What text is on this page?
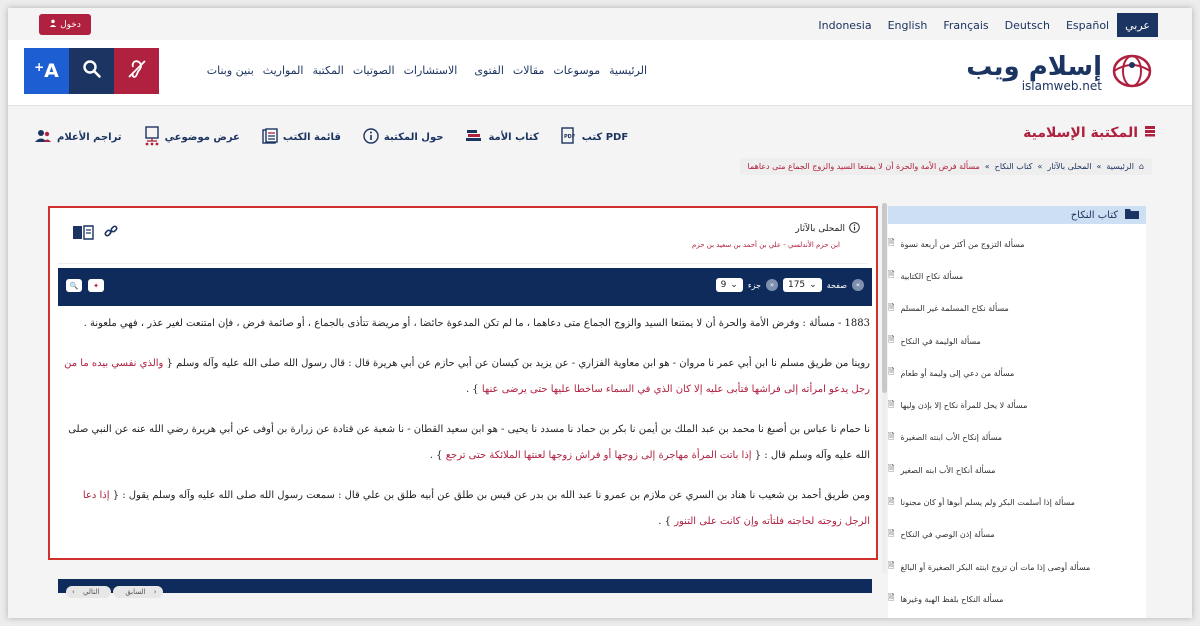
دخول	عربي
Español
Deutsch
Français
English
Indonesia
+A	الرئيسية
موسوعات
مقالات
الفتوى
الاستشارات
الصوتيات
المكتبة
المواريث
بنين وبنات	إسلام ويب
islamweb.net
المكتبة الإسلامية
PDF كتب PDF
كتاب الأمة
حول المكتبة
قائمة الكتب
عرض موضوعي
تراجم الأعلام
⌂
الرئيسية
«
المحلى بالآثار
«
كتاب النكاح
«
مسألة فرض الأمة والحرة أن لا يمتنعا السيد والزوج الجماع متى دعاهما
المحلى بالآثار
ابن حزم الأندلسي - علي بن أحمد بن سعيد بن حزم
«
صفحة
175 ⌄
»
جزء
9 ⌄
🔍	✦

1883 - مسألة : وفرض الأمة والحرة أن لا يمتنعا السيد والزوج الجماع متى دعاهما ، ما لم تكن المدعوة حائضا ، أو مريضة تتأذى بالجماع ، أو صائمة فرض ، فإن امتنعت لغير عذر ، فهي ملعونة .

روينا من طريق مسلم نا ابن أبي عمر نا مروان - هو ابن معاوية الفزاري - عن يزيد بن كيسان عن أبي حازم عن أبي هريرة قال : قال رسول الله صلى الله عليه وآله وسلم { والذي نفسي بيده ما من رجل يدعو امرأته إلى فراشها فتأبى عليه إلا كان الذي في السماء ساخطا عليها حتى يرضى عنها } .

نا حمام نا عباس بن أصبغ نا محمد بن عبد الملك بن أيمن نا بكر بن حماد نا مسدد نا يحيى - هو ابن سعيد القطان - نا شعبة عن قتادة عن زرارة بن أوفى عن أبي هريرة رضي الله عنه عن النبي صلى الله عليه وآله وسلم قال : { إذا باتت المرأة مهاجرة إلى زوجها أو فراش زوجها لعنتها الملائكة حتى ترجع } .

ومن طريق أحمد بن شعيب نا هناد بن السري عن ملازم بن عمرو نا عبد الله بن بدر عن قيس بن طلق عن أبيه طلق بن علي قال : سمعت رسول الله صلى الله عليه وآله وسلم يقول : { إذا دعا الرجل زوجته لحاجته فلتأته وإن كانت على التنور } .

‹ التالي	السابق ›
كتاب النكاح
🗎 مسألة التزوج من أكثر من أربعة نسوة
🗎 مسألة نكاح الكتابية
🗎 مسألة نكاح المسلمة غير المسلم
🗎 مسألة الوليمة في النكاح
🗎 مسألة من دعي إلى وليمة أو طعام
🗎 مسألة لا يحل للمرأة نكاح إلا بإذن وليها
🗎 مسألة إنكاح الأب ابنته الصغيرة
🗎 مسألة أنكاح الأب ابنه الصغير
🗎 مسألة إذا أسلمت البكر ولم يسلم أبوها أو كان مجنونا
🗎 مسألة إذن الوصي في النكاح
🗎 مسألة أوصى إذا مات أن تزوج ابنته البكر الصغيرة أو البالغ
🗎 مسألة النكاح بلفظ الهبة وغيرها
